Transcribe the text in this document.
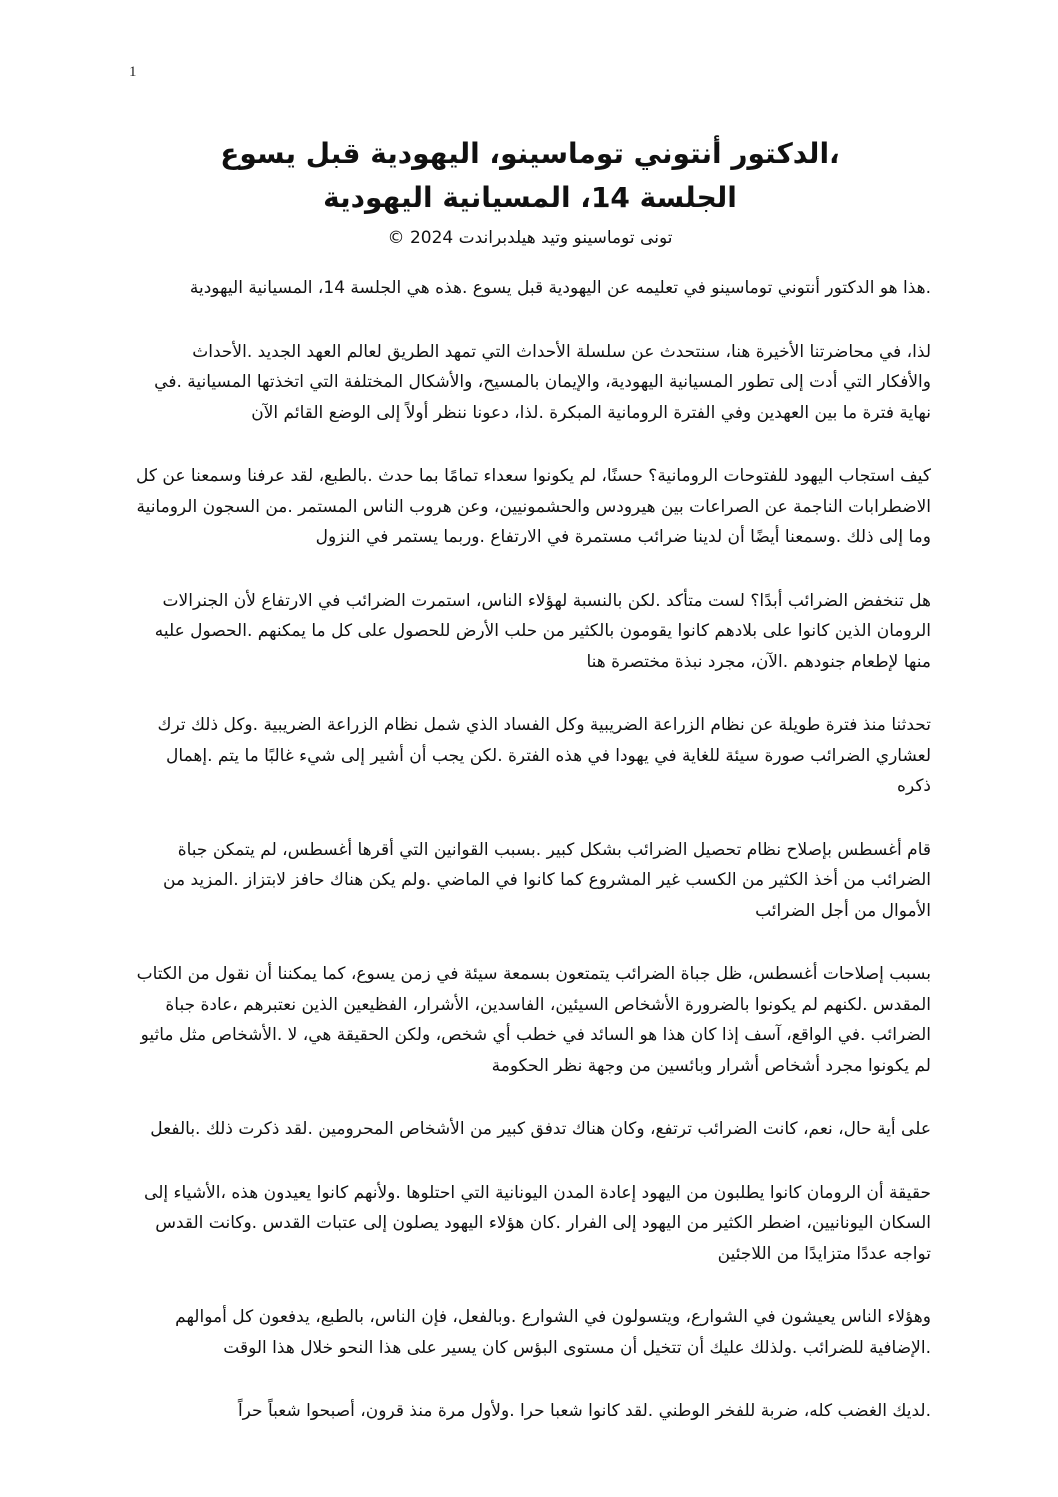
1
،الدكتور أنتوني توماسينو، اليهودية قبل يسوع
الجلسة 14، المسيانية اليهودية
تونى توماسينو وتيد هيلدبراندت 2024 ©

.هذا هو الدكتور أنتوني توماسينو في تعليمه عن اليهودية قبل يسوع .هذه هي الجلسة 14، المسيانية اليهودية

لذا، في محاضرتنا الأخيرة هنا، سنتحدث عن سلسلة الأحداث التي تمهد الطريق لعالم العهد الجديد .الأحداث والأفكار التي أدت إلى تطور المسيانية اليهودية، والإيمان بالمسيح، والأشكال المختلفة التي اتخذتها المسيانية .في نهاية فترة ما بين العهدين وفي الفترة الرومانية المبكرة .لذا، دعونا ننظر أولاً إلى الوضع القائم الآن

كيف استجاب اليهود للفتوحات الرومانية؟ حسنًا، لم يكونوا سعداء تمامًا بما حدث .بالطبع، لقد عرفنا وسمعنا عن كل الاضطرابات الناجمة عن الصراعات بين هيرودس والحشمونيين، وعن هروب الناس المستمر .من السجون الرومانية وما إلى ذلك .وسمعنا أيضًا أن لدينا ضرائب مستمرة في الارتفاع .وربما يستمر في النزول

هل تنخفض الضرائب أبدًا؟ لست متأكد .لكن بالنسبة لهؤلاء الناس، استمرت الضرائب في الارتفاع لأن الجنرالات الرومان الذين كانوا على بلادهم كانوا يقومون بالكثير من حلب الأرض للحصول على كل ما يمكنهم .الحصول عليه منها لإطعام جنودهم .الآن، مجرد نبذة مختصرة هنا

تحدثنا منذ فترة طويلة عن نظام الزراعة الضريبية وكل الفساد الذي شمل نظام الزراعة الضريبية .وكل ذلك ترك لعشاري الضرائب صورة سيئة للغاية في يهودا في هذه الفترة .لكن يجب أن أشير إلى شيء غالبًا ما يتم .إهمال ذكره

قام أغسطس بإصلاح نظام تحصيل الضرائب بشكل كبير .بسبب القوانين التي أقرها أغسطس، لم يتمكن جباة الضرائب من أخذ الكثير من الكسب غير المشروع كما كانوا في الماضي .ولم يكن هناك حافز لابتزاز .المزيد من الأموال من أجل الضرائب

بسبب إصلاحات أغسطس، ظل جباة الضرائب يتمتعون بسمعة سيئة في زمن يسوع، كما يمكننا أن نقول من الكتاب المقدس .لكنهم لم يكونوا بالضرورة الأشخاص السيئين، الفاسدين، الأشرار، الفظيعين الذين نعتبرهم ،عادة جباة الضرائب .في الواقع، آسف إذا كان هذا هو السائد في خطب أي شخص، ولكن الحقيقة هي، لا .الأشخاص مثل ماثيو لم يكونوا مجرد أشخاص أشرار وبائسين من وجهة نظر الحكومة

على أية حال، نعم، كانت الضرائب ترتفع، وكان هناك تدفق كبير من الأشخاص المحرومين .لقد ذكرت ذلك .بالفعل

حقيقة أن الرومان كانوا يطلبون من اليهود إعادة المدن اليونانية التي احتلوها .ولأنهم كانوا يعيدون هذه ،الأشياء إلى السكان اليونانيين، اضطر الكثير من اليهود إلى الفرار .كان هؤلاء اليهود يصلون إلى عتبات القدس .وكانت القدس تواجه عددًا متزايدًا من اللاجئين

وهؤلاء الناس يعيشون في الشوارع، ويتسولون في الشوارع .وبالفعل، فإن الناس، بالطبع، يدفعون كل أموالهم .الإضافية للضرائب .ولذلك عليك أن تتخيل أن مستوى البؤس كان يسير على هذا النحو خلال هذا الوقت

.لديك الغضب كله، ضربة للفخر الوطني .لقد كانوا شعبا حرا .ولأول مرة منذ قرون، أصبحوا شعباً حراً
